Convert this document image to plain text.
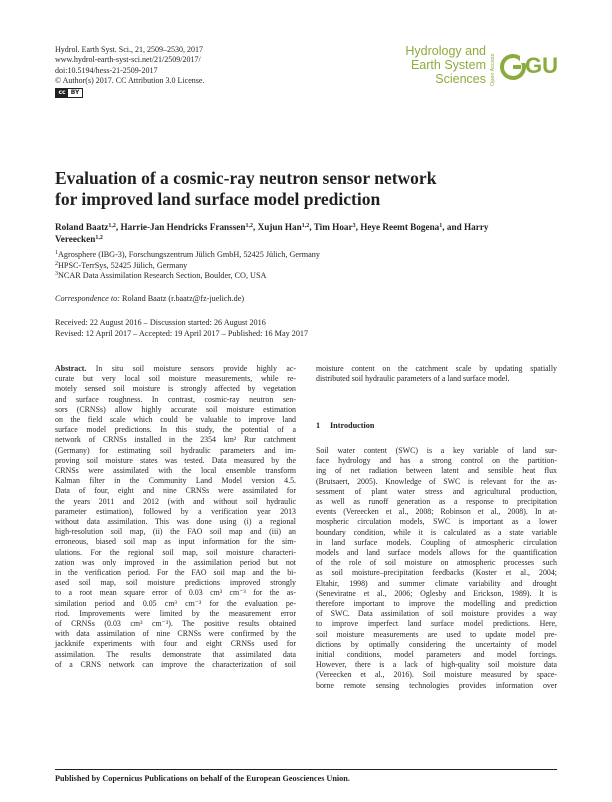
Hydrol. Earth Syst. Sci., 21, 2509–2530, 2017
www.hydrol-earth-syst-sci.net/21/2509/2017/
doi:10.5194/hess-21-2509-2017
© Author(s) 2017. CC Attribution 3.0 License.
cc BY
Hydrology and
Earth System
Sciences Open Access GU
Evaluation of a cosmic-ray neutron sensor network
for improved land surface model prediction
Roland Baatz$^{1,2}$, Harrie-Jan Hendricks Franssen$^{1,2}$, Xujun Han$^{1,2}$, Tim Hoar$^3$, Heye Reemt Bogena$^1$, and Harry Vereecken$^{1,2}$
$^1$Agrosphere (IBG-3), Forschungszentrum Jülich GmbH, 52425 Jülich, Germany
$^2$HPSC-TerrSys, 52425 Jülich, Germany
$^3$NCAR Data Assimilation Research Section, Boulder, CO, USA
Correspondence to: Roland Baatz (r.baatz@fz-juelich.de)
Received: 22 August 2016 – Discussion started: 26 August 2016
Revised: 12 April 2017 – Accepted: 19 April 2017 – Published: 16 May 2017
Abstract. In situ soil moisture sensors provide highly ac-
curate but very local soil moisture measurements, while re-
motely sensed soil moisture is strongly affected by vegetation
and surface roughness. In contrast, cosmic-ray neutron sen-
sors (CRNSs) allow highly accurate soil moisture estimation
on the field scale which could be valuable to improve land
surface model predictions. In this study, the potential of a
network of CRNSs installed in the 2354 km² Rur catchment
(Germany) for estimating soil hydraulic parameters and im-
proving soil moisture states was tested. Data measured by the
CRNSs were assimilated with the local ensemble transform
Kalman filter in the Community Land Model version 4.5.
Data of four, eight and nine CRNSs were assimilated for
the years 2011 and 2012 (with and without soil hydraulic
parameter estimation), followed by a verification year 2013
without data assimilation. This was done using (i) a regional
high-resolution soil map, (ii) the FAO soil map and (iii) an
erroneous, biased soil map as input information for the sim-
ulations. For the regional soil map, soil moisture characteri-
zation was only improved in the assimilation period but not
in the verification period. For the FAO soil map and the bi-
ased soil map, soil moisture predictions improved strongly
to a root mean square error of 0.03 cm³ cm⁻³ for the as-
similation period and 0.05 cm³ cm⁻³ for the evaluation pe-
riod. Improvements were limited by the measurement error
of CRNSs (0.03 cm³ cm⁻³). The positive results obtained
with data assimilation of nine CRNSs were confirmed by the
jackknife experiments with four and eight CRNSs used for
assimilation. The results demonstrate that assimilated data
of a CRNS network can improve the characterization of soil
moisture content on the catchment scale by updating spatially
distributed soil hydraulic parameters of a land surface model.
1 Introduction
Soil water content (SWC) is a key variable of land sur-
face hydrology and has a strong control on the partition-
ing of net radiation between latent and sensible heat flux
(Brutsaert, 2005). Knowledge of SWC is relevant for the as-
sessment of plant water stress and agricultural production,
as well as runoff generation as a response to precipitation
events (Vereecken et al., 2008; Robinson et al., 2008). In at-
mospheric circulation models, SWC is important as a lower
boundary condition, while it is calculated as a state variable
in land surface models. Coupling of atmospheric circulation
models and land surface models allows for the quantification
of the role of soil moisture on atmospheric processes such
as soil moisture–precipitation feedbacks (Koster et al., 2004;
Eltahir, 1998) and summer climate variability and drought
(Seneviratne et al., 2006; Oglesby and Erickson, 1989). It is
therefore important to improve the modelling and prediction
of SWC. Data assimilation of soil moisture provides a way
to improve imperfect land surface model predictions. Here,
soil moisture measurements are used to update model pre-
dictions by optimally considering the uncertainty of model
initial conditions, model parameters and model forcings.
However, there is a lack of high-quality soil moisture data
(Vereecken et al., 2016). Soil moisture measured by space-
borne remote sensing technologies provides information over
Published by Copernicus Publications on behalf of the European Geosciences Union.
